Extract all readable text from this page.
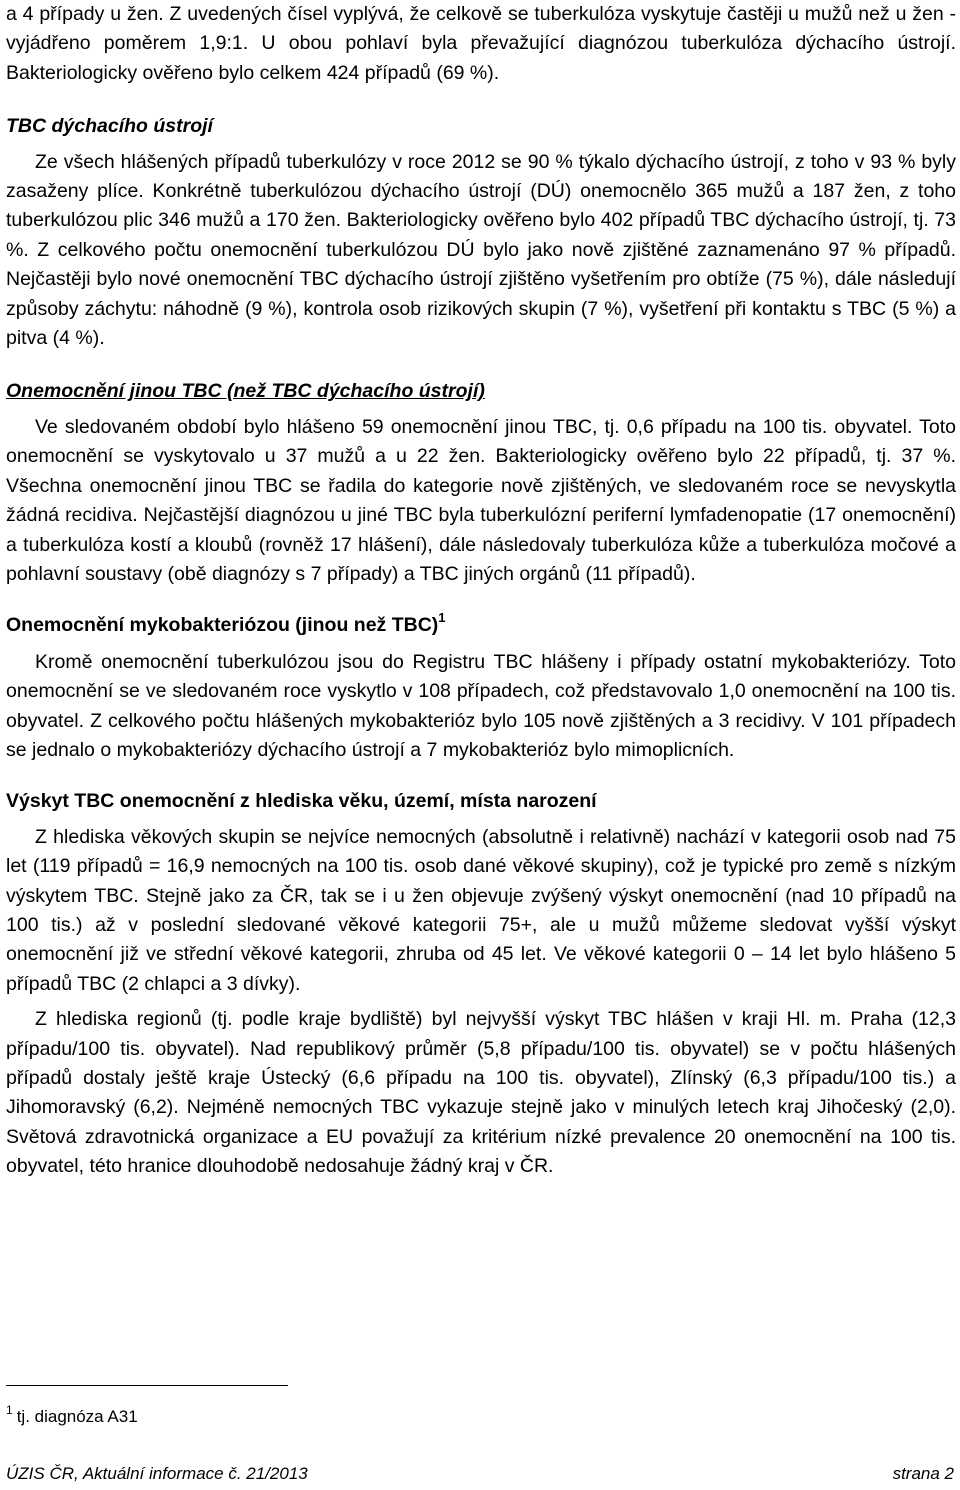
a 4 případy u žen. Z uvedených čísel vyplývá, že celkově se tuberkulóza vyskytuje častěji u mužů než u žen - vyjádřeno poměrem 1,9:1. U obou pohlaví byla převažující diagnózou tuberkulóza dýchacího ústrojí. Bakteriologicky ověřeno bylo celkem 424 případů (69 %).

TBC dýchacího ústrojí

Ze všech hlášených případů tuberkulózy v roce 2012 se 90 % týkalo dýchacího ústrojí, z toho v 93 % byly zasaženy plíce. Konkrétně tuberkulózou dýchacího ústrojí (DÚ) onemocnělo 365 mužů a 187 žen, z toho tuberkulózou plic 346 mužů a 170 žen. Bakteriologicky ověřeno bylo 402 případů TBC dýchacího ústrojí, tj. 73 %. Z celkového počtu onemocnění tuberkulózou DÚ bylo jako nově zjištěné zaznamenáno 97 % případů. Nejčastěji bylo nové onemocnění TBC dýchacího ústrojí zjištěno vyšetřením pro obtíže (75 %), dále následují způsoby záchytu: náhodně (9 %), kontrola osob rizikových skupin (7 %), vyšetření při kontaktu s TBC (5 %) a pitva (4 %).

Onemocnění jinou TBC (než TBC dýchacího ústrojí)

Ve sledovaném období bylo hlášeno 59 onemocnění jinou TBC, tj. 0,6 případu na 100 tis. obyvatel. Toto onemocnění se vyskytovalo u 37 mužů a u 22 žen. Bakteriologicky ověřeno bylo 22 případů, tj. 37 %. Všechna onemocnění jinou TBC se řadila do kategorie nově zjištěných, ve sledovaném roce se nevyskytla žádná recidiva. Nejčastější diagnózou u jiné TBC byla tuberkulózní periferní lymfadenopatie (17 onemocnění) a tuberkulóza kostí a kloubů (rovněž 17 hlášení), dále následovaly tuberkulóza kůže a tuberkulóza močové a pohlavní soustavy (obě diagnózy s 7 případy) a TBC jiných orgánů (11 případů).

Onemocnění mykobakteriózou (jinou než TBC)$^1$

Kromě onemocnění tuberkulózou jsou do Registru TBC hlášeny i případy ostatní mykobakteriózy. Toto onemocnění se ve sledovaném roce vyskytlo v 108 případech, což představovalo 1,0 onemocnění na 100 tis. obyvatel. Z celkového počtu hlášených mykobakterióz bylo 105 nově zjištěných a 3 recidivy. V 101 případech se jednalo o mykobakteriózy dýchacího ústrojí a 7 mykobakterióz bylo mimoplicních.

Výskyt TBC onemocnění z hlediska věku, území, místa narození

Z hlediska věkových skupin se nejvíce nemocných (absolutně i relativně) nachází v kategorii osob nad 75 let (119 případů = 16,9 nemocných na 100 tis. osob dané věkové skupiny), což je typické pro země s nízkým výskytem TBC. Stejně jako za ČR, tak se i u žen objevuje zvýšený výskyt onemocnění (nad 10 případů na 100 tis.) až v poslední sledované věkové kategorii 75+, ale u mužů můžeme sledovat vyšší výskyt onemocnění již ve střední věkové kategorii, zhruba od 45 let. Ve věkové kategorii 0 – 14 let bylo hlášeno 5 případů TBC (2 chlapci a 3 dívky).

Z hlediska regionů (tj. podle kraje bydliště) byl nejvyšší výskyt TBC hlášen v kraji Hl. m. Praha (12,3 případu/100 tis. obyvatel). Nad republikový průměr (5,8 případu/100 tis. obyvatel) se v počtu hlášených případů dostaly ještě kraje Ústecký (6,6 případu na 100 tis. obyvatel), Zlínský (6,3 případu/100 tis.) a Jihomoravský (6,2). Nejméně nemocných TBC vykazuje stejně jako v minulých letech kraj Jihočeský (2,0). Světová zdravotnická organizace a EU považují za kritérium nízké prevalence 20 onemocnění na 100 tis. obyvatel, této hranice dlouhodobě nedosahuje žádný kraj v ČR.

$^1$ tj. diagnóza A31
ÚZIS ČR, Aktuální informace č. 21/2013	strana 2
